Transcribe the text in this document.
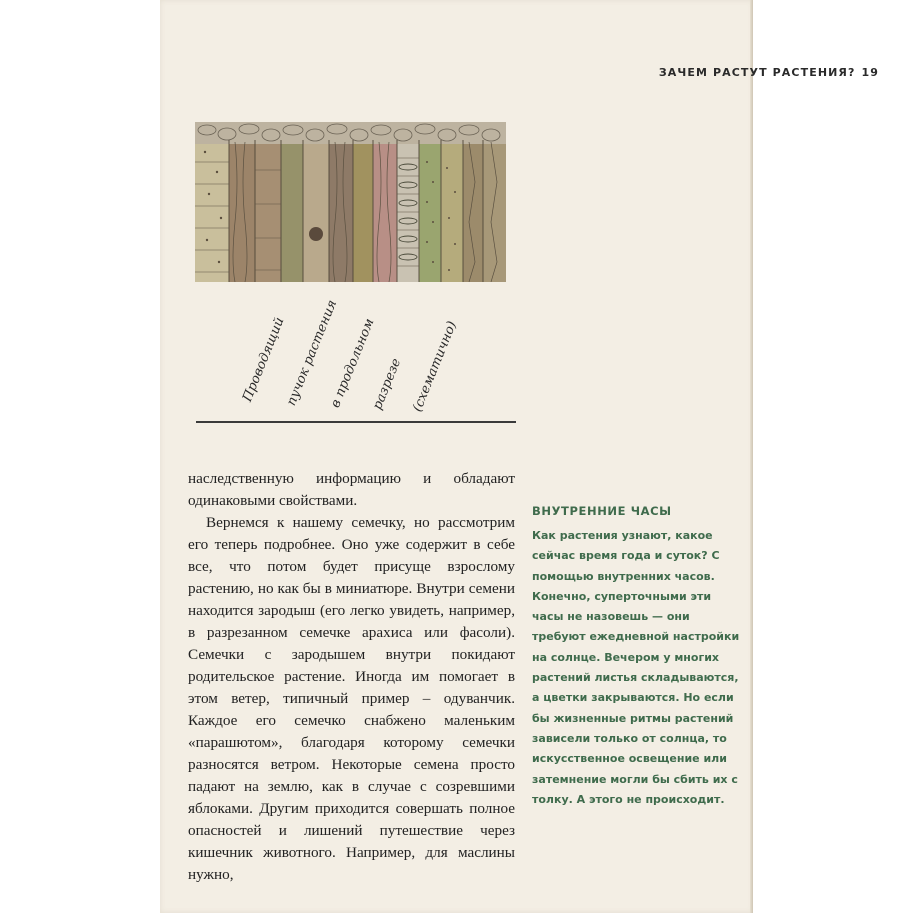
ЗАЧЕМ РАСТУТ РАСТЕНИЯ? 19
Проводящий
пучок растения
в продольном
разрезе (схематично)

наследственную информацию и обладают одинаковыми свойствами.

Вернемся к нашему семечку, но рассмотрим его теперь подробнее. Оно уже содержит в себе все, что потом будет присуще взрослому растению, но как бы в миниатюре. Внутри семени находится зародыш (его легко увидеть, например, в разрезанном семечке арахиса или фасоли). Семечки с зародышем внутри покидают родительское растение. Иногда им помогает в этом ветер, типичный пример – одуванчик. Каждое его семечко снабжено маленьким «парашютом», благодаря которому семечки разносятся ветром. Некоторые семена просто падают на землю, как в случае с созревшими яблоками. Другим приходится совершать полное опасностей и лишений путешествие через кишечник животного. Например, для маслины нужно,

ВНУТРЕННИЕ ЧАСЫ
Как растения узнают, какое сейчас время года и суток? С помощью внутренних часов. Конечно, суперточными эти часы не назовешь — они требуют ежедневной настройки на солнце. Вечером у многих растений листья складываются, а цветки закрываются. Но если бы жизненные ритмы растений зависели только от солнца, то искусственное освещение или затемнение могли бы сбить их с толку. А этого не происходит.
